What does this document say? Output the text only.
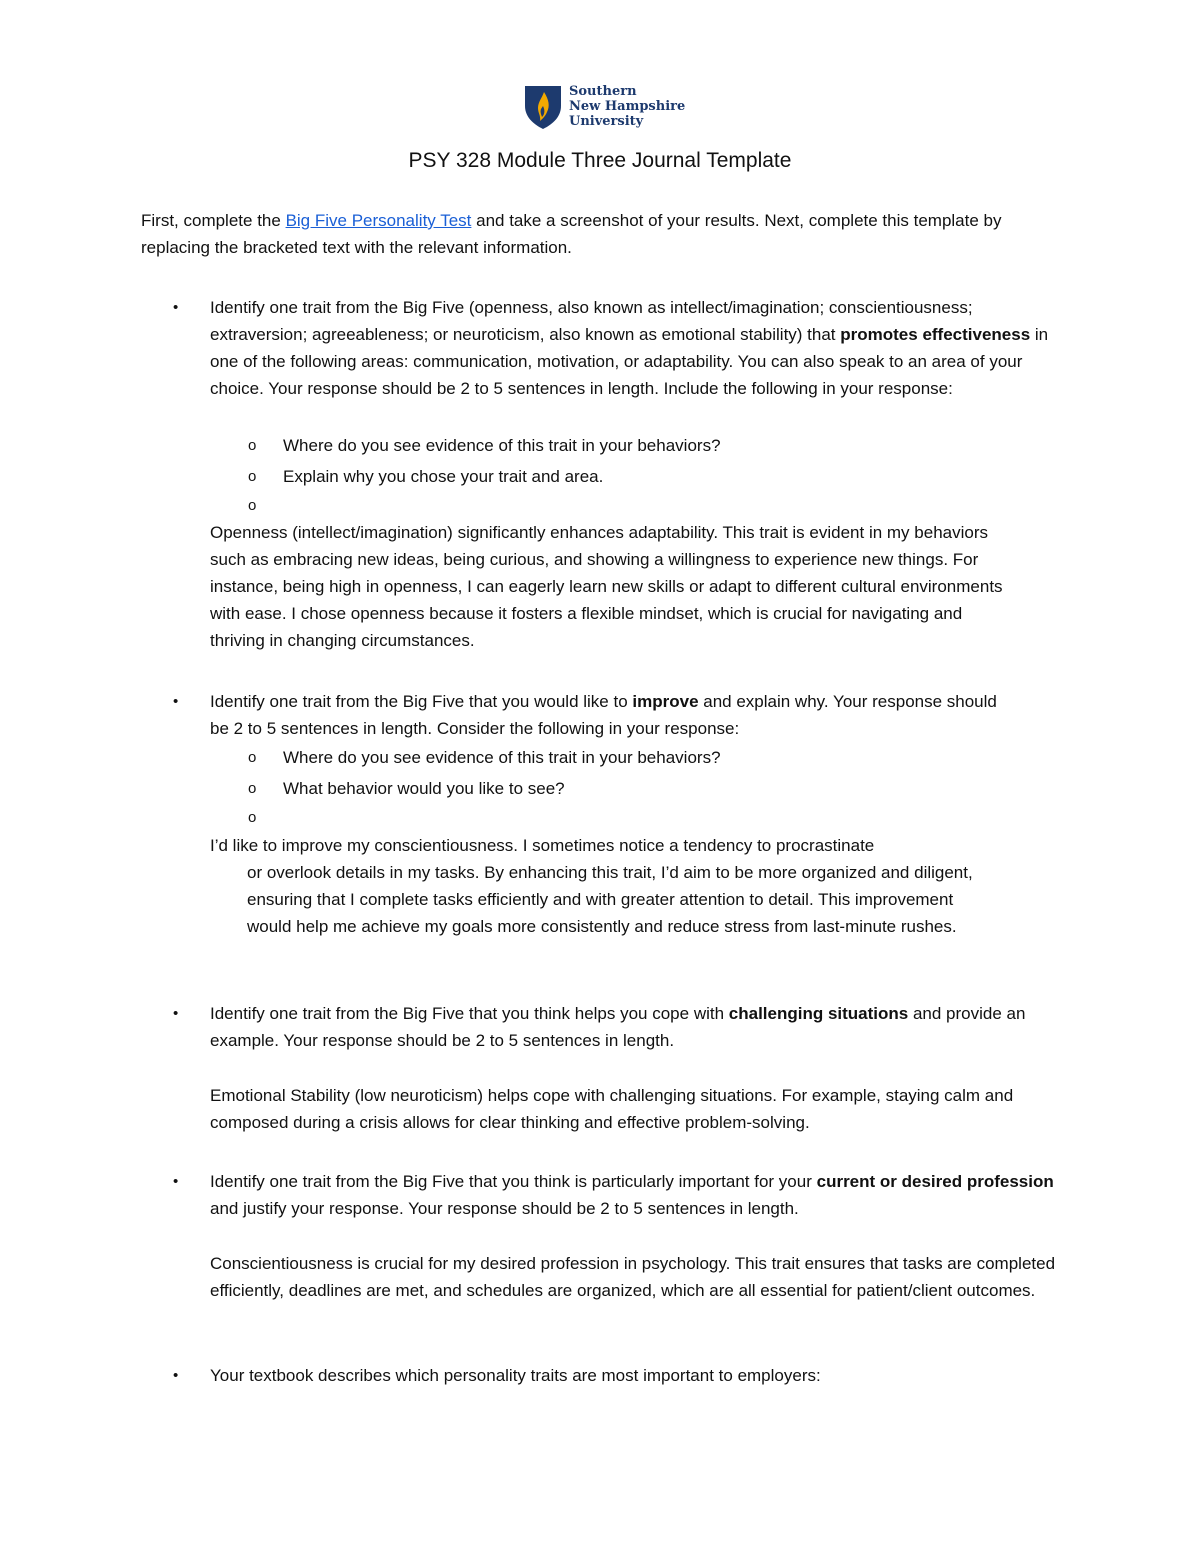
Southern
New Hampshire
University
PSY 328 Module Three Journal Template
First, complete the Big Five Personality Test and take a screenshot of your results. Next, complete this template by replacing the bracketed text with the relevant information.
•	Identify one trait from the Big Five (openness, also known as intellect/imagination; conscientiousness; extraversion; agreeableness; or neuroticism, also known as emotional stability) that promotes effectiveness in one of the following areas: communication, motivation, or adaptability. You can also speak to an area of your choice. Your response should be 2 to 5 sentences in length. Include the following in your response:
o Where do you see evidence of this trait in your behaviors?
o Explain why you chose your trait and area.
o
Openness (intellect/imagination) significantly enhances adaptability. This trait is evident in my behaviors such as embracing new ideas, being curious, and showing a willingness to experience new things. For instance, being high in openness, I can eagerly learn new skills or adapt to different cultural environments with ease. I chose openness because it fosters a flexible mindset, which is crucial for navigating and thriving in changing circumstances.
•	Identify one trait from the Big Five that you would like to improve and explain why. Your response should be 2 to 5 sentences in length. Consider the following in your response:
o Where do you see evidence of this trait in your behaviors?
o What behavior would you like to see?
o
I’d like to improve my conscientiousness. I sometimes notice a tendency to procrastinate
or overlook details in my tasks. By enhancing this trait, I’d aim to be more organized and diligent, ensuring that I complete tasks efficiently and with greater attention to detail. This improvement would help me achieve my goals more consistently and reduce stress from last-minute rushes.
•	Identify one trait from the Big Five that you think helps you cope with challenging situations and provide an example. Your response should be 2 to 5 sentences in length.
Emotional Stability (low neuroticism) helps cope with challenging situations. For example, staying calm and composed during a crisis allows for clear thinking and effective problem-solving.
•	Identify one trait from the Big Five that you think is particularly important for your current or desired profession and justify your response. Your response should be 2 to 5 sentences in length.
Conscientiousness is crucial for my desired profession in psychology. This trait ensures that tasks are completed efficiently, deadlines are met, and schedules are organized, which are all essential for patient/client outcomes.
•	Your textbook describes which personality traits are most important to employers:
